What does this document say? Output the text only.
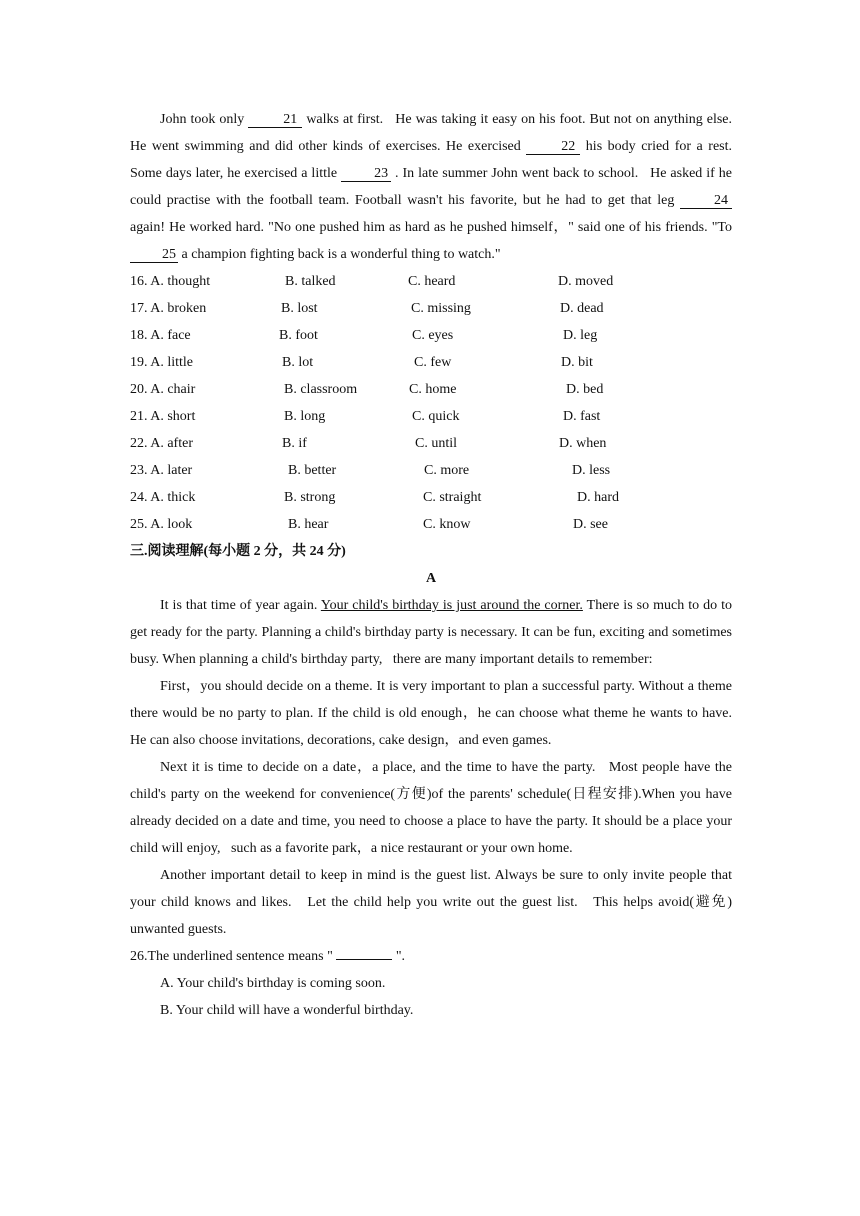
John took only	21 walks at first.   He was taking it easy on his foot. But not on anything else. He went swimming and did other kinds of exercises. He exercised	22 his body cried for a rest. Some days later, he exercised a little 23 . In late summer John went back to school.   He asked if he could practise with the football team. Football wasn't his favorite, but he had to get that leg 24 again! He worked hard. "No one pushed him as hard as he pushed himself，" said one of his friends. "To 25 a champion fighting back is a wonderful thing to watch."

16. A. thought	B. talked	C. heard	D. moved
17. A. broken	B. lost	C. missing	D. dead
18. A. face	B. foot	C. eyes	D. leg
19. A. little	B. lot	C. few	D. bit
20. A. chair	B. classroom	C. home	D. bed
21. A. short	B. long	C. quick	D. fast
22. A. after	B. if	C. until	D. when
23. A. later	B. better	C. more	D. less
24. A. thick	B. strong	C. straight	D. hard
25. A. look	B. hear	C. know	D. see
三.阅读理解(每小题 2 分，共 24 分)
A

It is that time of year again. Your child's birthday is just around the corner. There is so much to do to get ready for the party. Planning a child's birthday party is necessary. It can be fun, exciting and sometimes busy. When planning a child's birthday party,   there are many important details to remember:

First，you should decide on a theme. It is very important to plan a successful party. Without a theme there would be no party to plan. If the child is old enough，he can choose what theme he wants to have. He can also choose invitations, decorations, cake design，and even games.

Next it is time to decide on a date，a place, and the time to have the party.   Most people have the child's party on the weekend for convenience(方便)of the parents' schedule(日程安排).When you have already decided on a date and time, you need to choose a place to have the party. It should be a place your child will enjoy,   such as a favorite park，a nice restaurant or your own home.

Another important detail to keep in mind is the guest list. Always be sure to only invite people that your child knows and likes.   Let the child help you write out the guest list.   This helps avoid(避免) unwanted guests.

26.The underlined sentence means "	".

A. Your child's birthday is coming soon.
B. Your child will have a wonderful birthday.
